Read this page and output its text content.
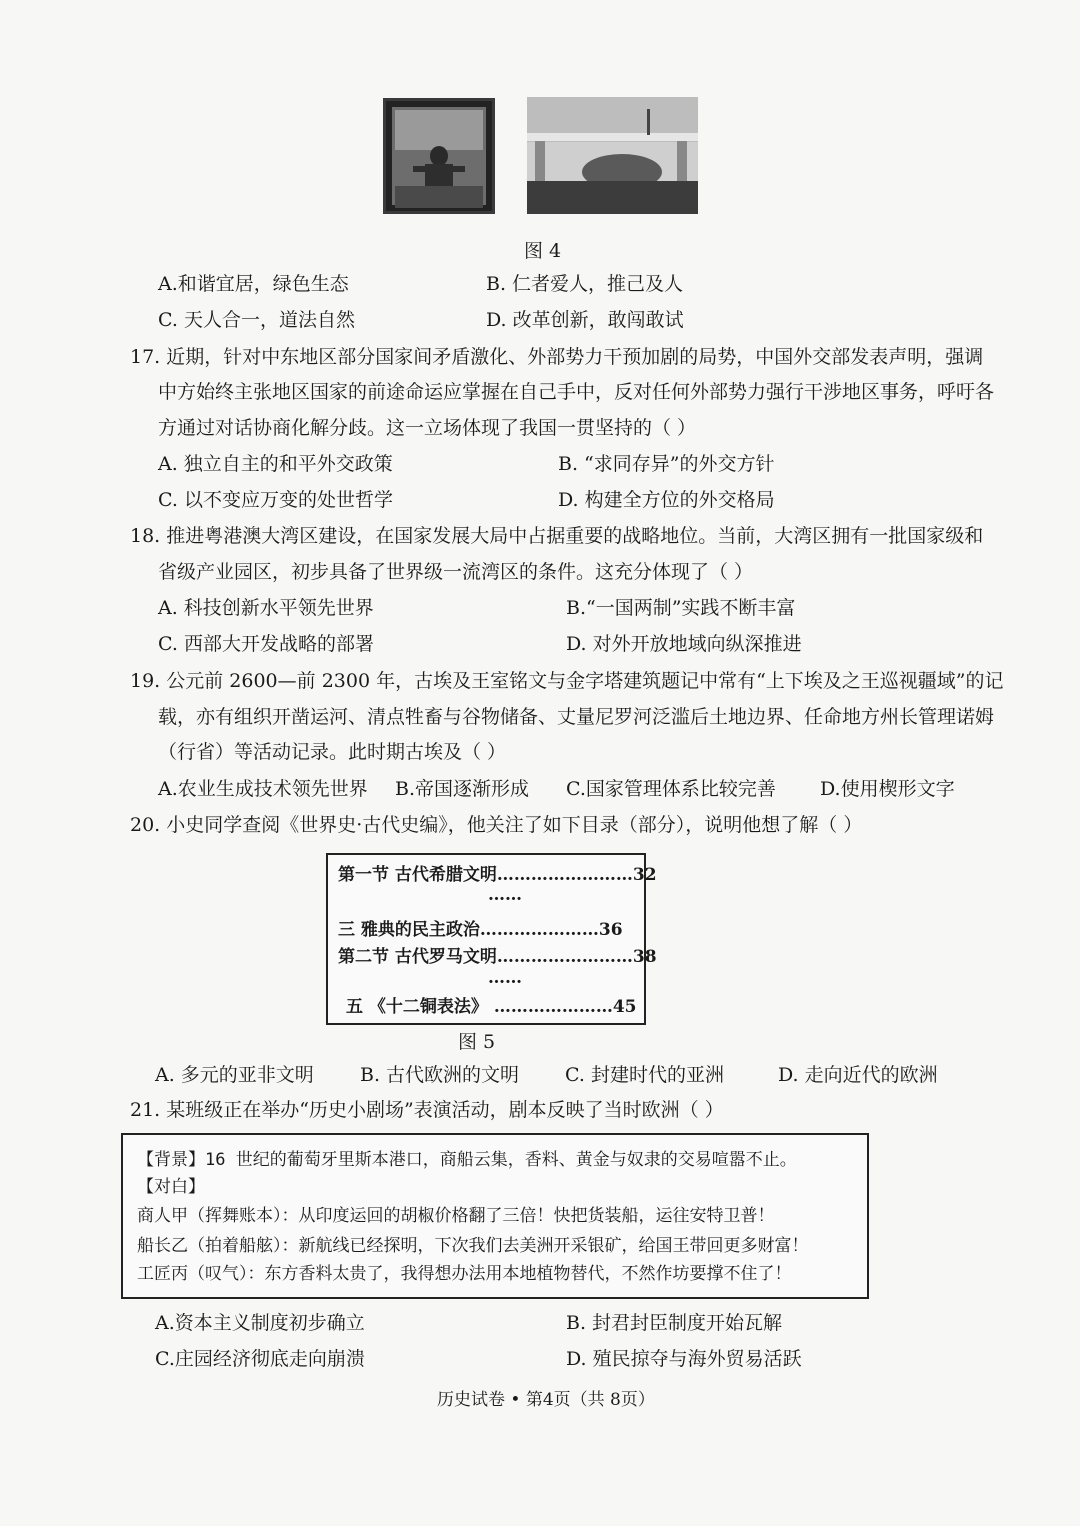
图 4
A.和谐宜居，绿色生态	B. 仁者爱人，推己及人
C. 天人合一，道法自然	D. 改革创新，敢闯敢试
17. 近期，针对中东地区部分国家间矛盾激化、外部势力干预加剧的局势，中国外交部发表声明，强调
中方始终主张地区国家的前途命运应掌握在自己手中，反对任何外部势力强行干涉地区事务，呼吁各
方通过对话协商化解分歧。这一立场体现了我国一贯坚持的（ ）
A. 独立自主的和平外交政策	B. “求同存异”的外交方针
C. 以不变应万变的处世哲学	D. 构建全方位的外交格局
18. 推进粤港澳大湾区建设，在国家发展大局中占据重要的战略地位。当前，大湾区拥有一批国家级和
省级产业园区，初步具备了世界级一流湾区的条件。这充分体现了（ ）
A. 科技创新水平领先世界	B.“一国两制”实践不断丰富
C. 西部大开发战略的部署	D. 对外开放地域向纵深推进
19. 公元前 2600—前 2300 年，古埃及王室铭文与金字塔建筑题记中常有“上下埃及之王巡视疆域”的记
载，亦有组织开凿运河、清点牲畜与谷物储备、丈量尼罗河泛滥后土地边界、任命地方州长管理诺姆
（行省）等活动记录。此时期古埃及（ ）
A.农业生成技术领先世界 B.帝国逐渐形成 C.国家管理体系比较完善 D.使用楔形文字
20. 小史同学查阅《世界史·古代史编》，他关注了如下目录（部分），说明他想了解（ ）
第一节 古代希腊文明……………………32
……
三 雅典的民主政治…………………36
第二节 古代罗马文明……………………38
……
五 《十二铜表法》 …………………45
图 5
A. 多元的亚非文明 B. 古代欧洲的文明 C. 封建时代的亚洲	D. 走向近代的欧洲
21. 某班级正在举办“历史小剧场”表演活动，剧本反映了当时欧洲（ ）
【背景】16 世纪的葡萄牙里斯本港口，商船云集，香料、黄金与奴隶的交易喧嚣不止。
【对白】
商人甲（挥舞账本）：从印度运回的胡椒价格翻了三倍！快把货装船，运往安特卫普！
船长乙（拍着船舷）：新航线已经探明，下次我们去美洲开采银矿，给国王带回更多财富！
工匠丙（叹气）：东方香料太贵了，我得想办法用本地植物替代，不然作坊要撑不住了！
A.资本主义制度初步确立	B. 封君封臣制度开始瓦解
C.庄园经济彻底走向崩溃	D. 殖民掠夺与海外贸易活跃
历史试卷 • 第4页（共 8页）
